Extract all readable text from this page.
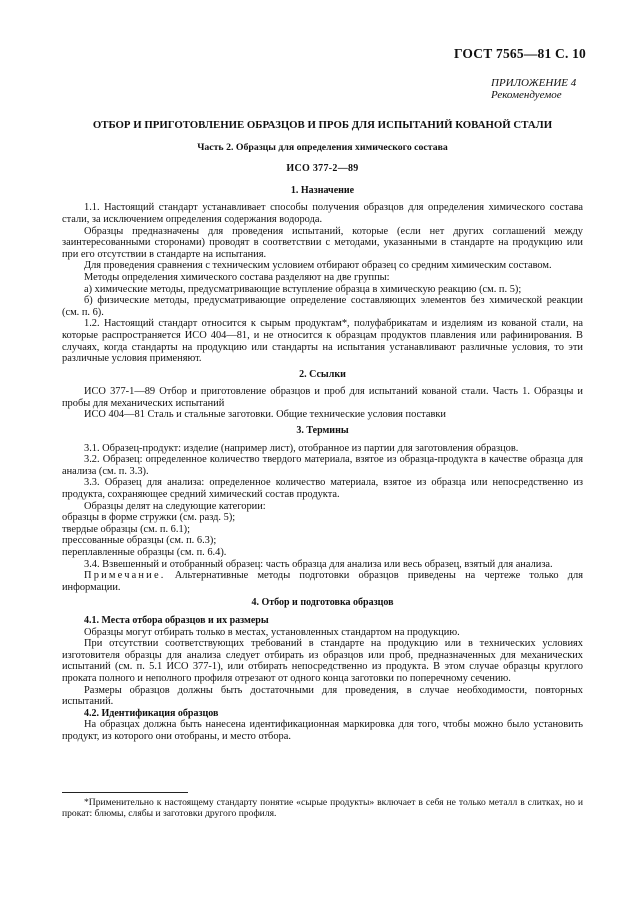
ГОСТ 7565—81 С. 10
ПРИЛОЖЕНИЕ 4
Рекомендуемое
ОТБОР И ПРИГОТОВЛЕНИЕ ОБРАЗЦОВ И ПРОБ ДЛЯ ИСПЫТАНИЙ КОВАНОЙ СТАЛИ
Часть 2. Образцы для определения химического состава
ИСО 377-2—89
1. Назначение

1.1. Настоящий стандарт устанавливает способы получения образцов для определения химического состава стали, за исключением определения содержания водорода.

Образцы предназначены для проведения испытаний, которые (если нет других соглашений между заинтересованными сторонами) проводят в соответствии с методами, указанными в стандарте на продукцию или при его отсутствии в стандарте на испытания.

Для проведения сравнения с техническим условием отбирают образец со средним химическим составом.

Методы определения химического состава разделяют на две группы:

а) химические методы, предусматривающие вступление образца в химическую реакцию (см. п. 5);

б) физические методы, предусматривающие определение составляющих элементов без химической реакции (см. п. 6).

1.2. Настоящий стандарт относится к сырым продуктам*, полуфабрикатам и изделиям из кованой стали, на которые распространяется ИСО 404—81, и не относится к образцам продуктов плавления или рафинирования. В случаях, когда стандарты на продукцию или стандарты на испытания устанавливают различные условия, то эти различные условия применяют.

2. Ссылки

ИСО 377-1—89 Отбор и приготовление образцов и проб для испытаний кованой стали. Часть 1. Образцы и пробы для механических испытаний

ИСО 404—81 Сталь и стальные заготовки. Общие технические условия поставки

3. Термины

3.1. Образец-продукт: изделие (например лист), отобранное из партии для заготовления образцов.

3.2. Образец: определенное количество твердого материала, взятое из образца-продукта в качестве образца для анализа (см. п. 3.3).

3.3. Образец для анализа: определенное количество материала, взятое из образца или непосредственно из продукта, сохраняющее средний химический состав продукта.

Образцы делят на следующие категории:

образцы в форме стружки (см. разд. 5);

твердые образцы (см. п. 6.1);

прессованные образцы (см. п. 6.3);

переплавленные образцы (см. п. 6.4).

3.4. Взвешенный и отобранный образец: часть образца для анализа или весь образец, взятый для анализа.

Примечание. Альтернативные методы подготовки образцов приведены на чертеже только для информации.

4. Отбор и подготовка образцов
4.1. Места отбора образцов и их размеры

Образцы могут отбирать только в местах, установленных стандартом на продукцию.

При отсутствии соответствующих требований в стандарте на продукцию или в технических условиях изготовителя образцы для анализа следует отбирать из образцов или проб, предназначенных для механических испытаний (см. п. 5.1 ИСО 377-1), или отбирать непосредственно из продукта. В этом случае образцы круглого проката полного и неполного профиля отрезают от одного конца заготовки по поперечному сечению.

Размеры образцов должны быть достаточными для проведения, в случае необходимости, повторных испытаний.

4.2. Идентификация образцов

На образцах должна быть нанесена идентификационная маркировка для того, чтобы можно было установить продукт, из которого они отобраны, и место отбора.

*Применительно к настоящему стандарту понятие «сырые продукты» включает в себя не только металл в слитках, но и прокат: блюмы, слябы и заготовки другого профиля.
